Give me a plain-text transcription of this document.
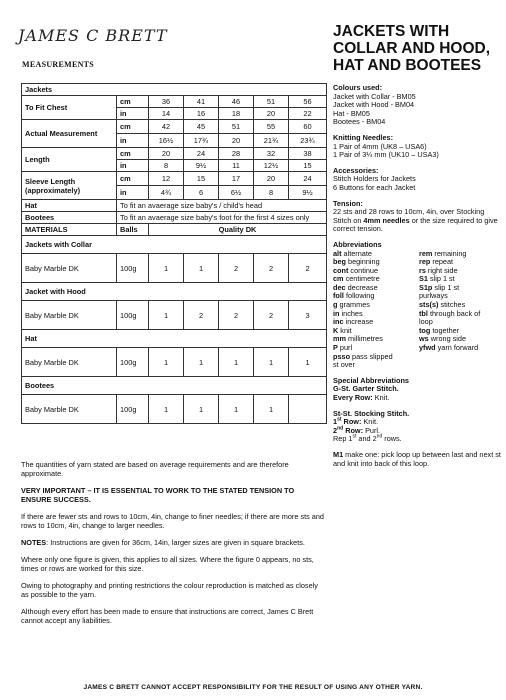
JAMES C BRETT
MEASUREMENTS
JACKETS WITH COLLAR AND HOOD, HAT AND BOOTEES
Jackets						
To Fit Chest	cm	36	41	46	51	56
	in	14	16	18	20	22
Actual Measurement	cm	42	45	51	55	60
	in	16½	17¾	20	21¾	23¾
Length	cm	20	24	28	32	38
	in	8	9½	11	12½	15
Sleeve Length (approximately)	cm	12	15	17	20	24
	in	4¾	6	6½	8	9½
Hat	To fit an avaerage size baby's / child's head					
Bootees	To fit an avaerage size baby's foot for the first 4 sizes only					
MATERIALS	Balls	Quality DK				
Jackets with Collar						
Baby Marble DK	100g	1	1	2	2	2
Jacket with Hood						
Baby Marble DK	100g	1	2	2	2	3
Hat						
Baby Marble DK	100g	1	1	1	1	1
Bootees						
Baby Marble DK	100g	1	1	1	1	

The quantities of yarn stated are based on average requirements and are therefore approximate.

VERY IMPORTANT – IT IS ESSENTIAL TO WORK TO THE STATED TENSION TO ENSURE SUCCESS.

If there are fewer sts and rows to 10cm, 4in, change to finer needles; if there are more sts and rows to 10cm, 4in, change to larger needles.

NOTES: Instructions are given for 36cm, 14in, larger sizes are given in square brackets.

Where only one figure is given, this applies to all sizes. Where the figure 0 appears, no sts, times or rows are worked for this size.

Owing to photography and printing restrictions the colour reproduction is matched as closely as possible to the yarn.

Although every effort has been made to ensure that instructions are correct, James C Brett cannot accept any liabilities.

Colours used:
Jacket with Collar - BM05
Jacket with Hood - BM04
Hat - BM05
Bootees - BM04
Knitting Needles:
1 Pair of 4mm (UK8 – USA6)
1 Pair of 3¼ mm (UK10 – USA3)
Accessories:
Stitch Holders for Jackets
6 Buttons for each Jacket
Tension:
22 sts and 28 rows to 10cm, 4in, over Stocking Stitch on 4mm needles or the size required to give correct tension.
Abbreviations
alt alternate	rem remaining
beg beginning	rep repeat
cont continue	rs right side
cm centimetre	S1 slip 1 st
dec decrease	S1p slip 1 st
foll following	purlways
g grammes	sts(s) stitches
in inches	tbl through back of
inc increase	loop
K knit	tog together
mm millimetres	ws wrong side
P purl	yfwd yarn forward
psso pass slipped
st over
Special Abbreviations
G-St. Garter Stitch.
Every Row: Knit.
St-St. Stocking Stitch.
1st Row: Knit.
2nd Row: Purl.
Rep 1st and 2nd rows.
M1 make one: pick loop up between last and next st and knit into back of this loop.
JAMES C BRETT CANNOT ACCEPT RESPONSIBILITY FOR THE RESULT OF USING ANY OTHER YARN.
